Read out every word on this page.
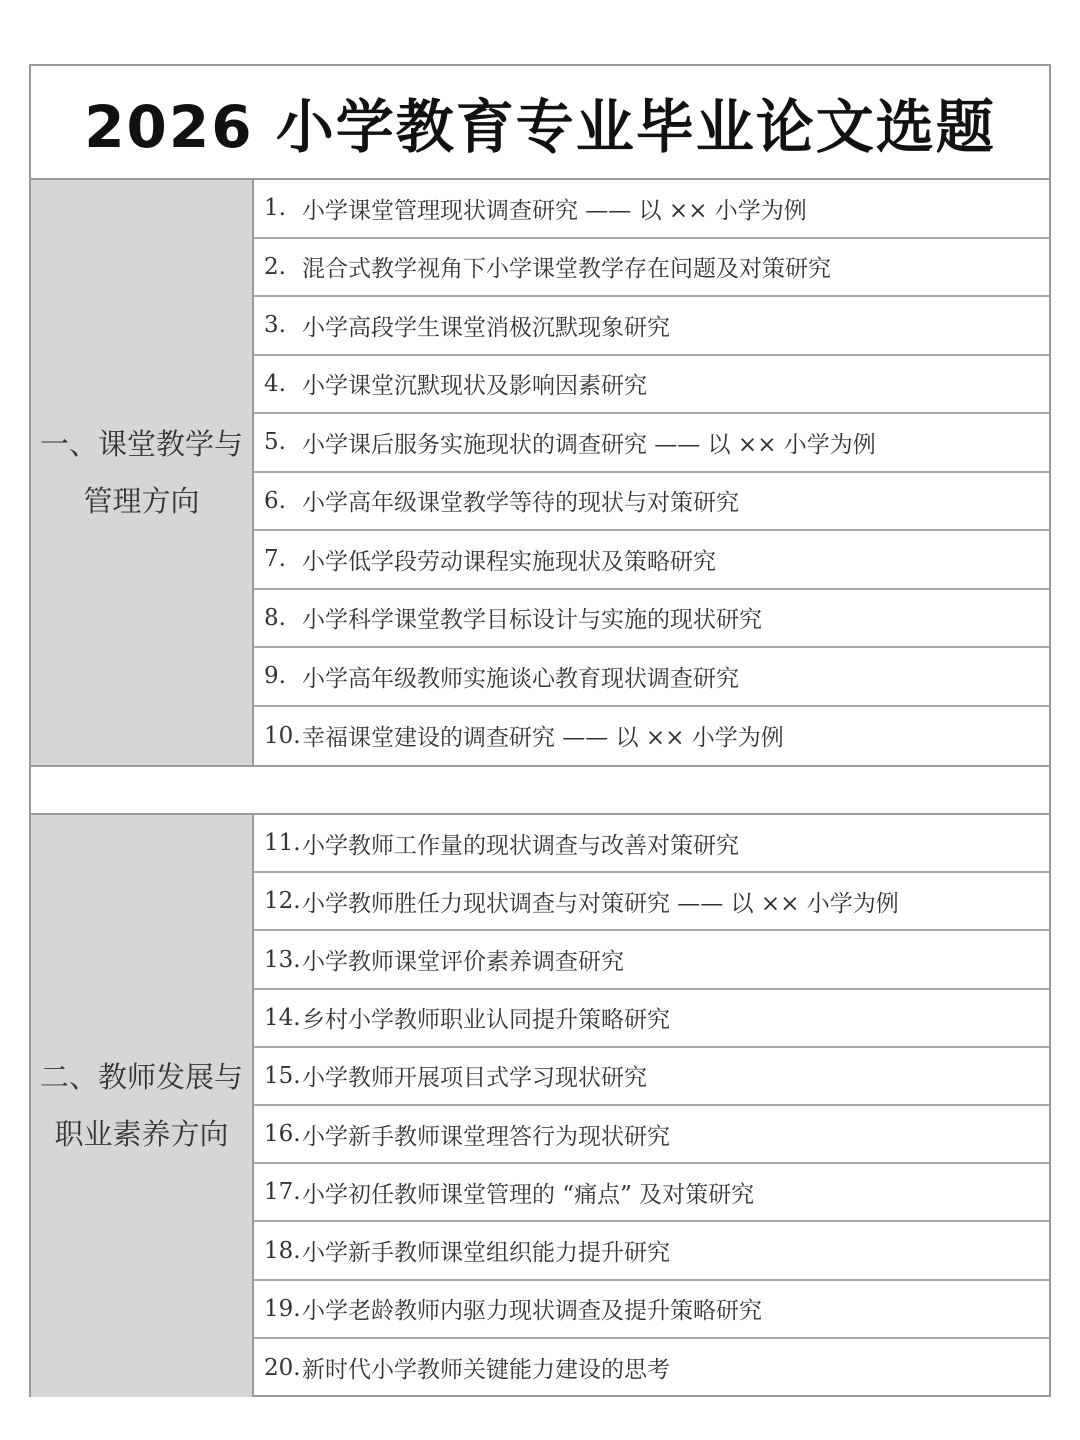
2026 小学教育专业毕业论文选题
一、课堂教学与
管理方向
1. 小学课堂管理现状调查研究 —— 以 ×× 小学为例
2. 混合式教学视角下小学课堂教学存在问题及对策研究
3. 小学高段学生课堂消极沉默现象研究
4. 小学课堂沉默现状及影响因素研究
5. 小学课后服务实施现状的调查研究 —— 以 ×× 小学为例
6. 小学高年级课堂教学等待的现状与对策研究
7. 小学低学段劳动课程实施现状及策略研究
8. 小学科学课堂教学目标设计与实施的现状研究
9. 小学高年级教师实施谈心教育现状调查研究
10. 幸福课堂建设的调查研究 —— 以 ×× 小学为例
二、教师发展与
职业素养方向
11. 小学教师工作量的现状调查与改善对策研究
12. 小学教师胜任力现状调查与对策研究 —— 以 ×× 小学为例
13. 小学教师课堂评价素养调查研究
14. 乡村小学教师职业认同提升策略研究
15. 小学教师开展项目式学习现状研究
16. 小学新手教师课堂理答行为现状研究
17. 小学初任教师课堂管理的 “痛点” 及对策研究
18. 小学新手教师课堂组织能力提升研究
19. 小学老龄教师内驱力现状调查及提升策略研究
20. 新时代小学教师关键能力建设的思考
